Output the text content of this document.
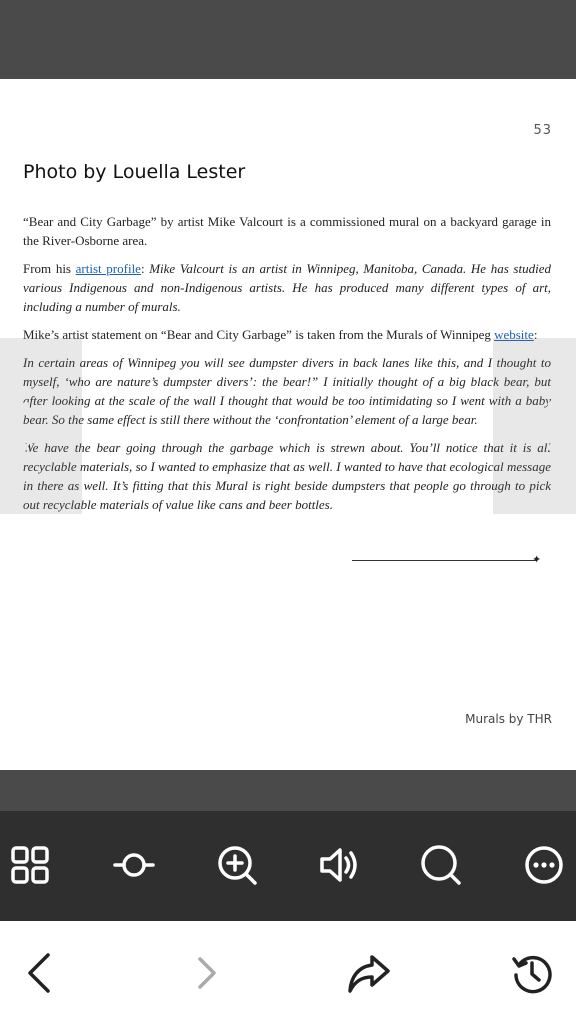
53
Photo by Louella Lester

“Bear and City Garbage” by artist Mike Valcourt is a commissioned mural on a backyard garage in the River-Osborne area.

From his artist profile: Mike Valcourt is an artist in Winnipeg, Manitoba, Canada. He has studied various Indigenous and non-Indigenous artists. He has produced many different types of art, including a number of murals.

Mike’s artist statement on “Bear and City Garbage” is taken from the Murals of Winnipeg website:

In certain areas of Winnipeg you will see dumpster divers in back lanes like this, and I thought to myself, ‘who are nature’s dumpster divers’: the bear!” I initially thought of a big black bear, but after looking at the scale of the wall I thought that would be too intimidating so I went with a baby bear. So the same effect is still there without the ‘confrontation’ element of a large bear.

We have the bear going through the garbage which is strewn about. You’ll notice that it is all recyclable materials, so I wanted to emphasize that as well. I wanted to have that ecological message in there as well. It’s fitting that this Mural is right beside dumpsters that people go through to pick out recyclable materials of value like cans and beer bottles.

✦
Murals by THR
